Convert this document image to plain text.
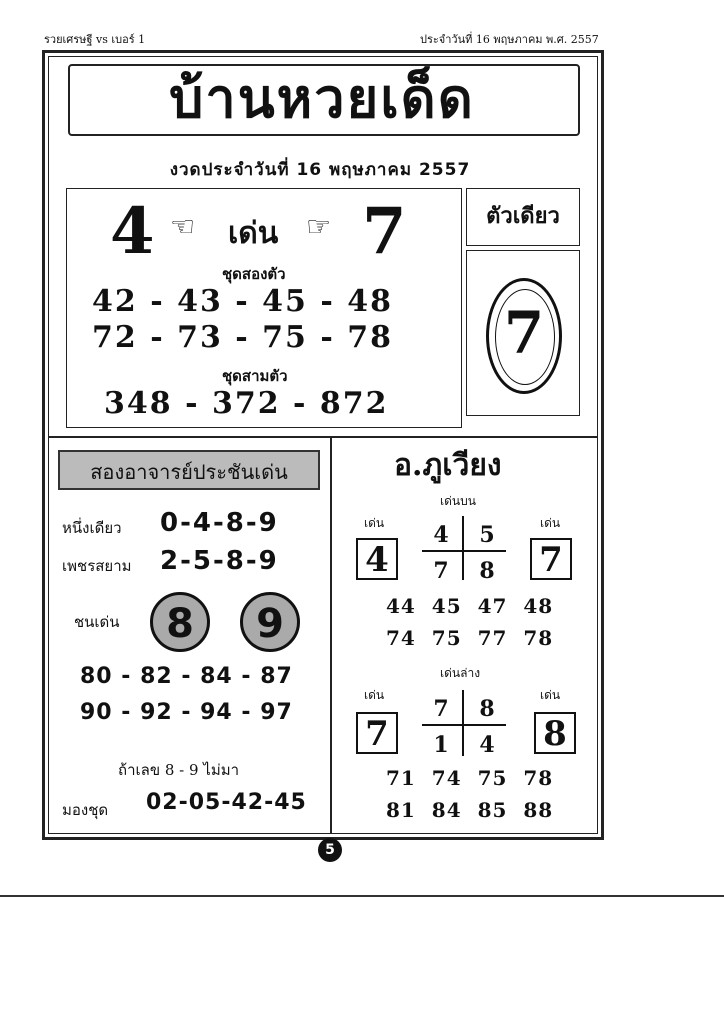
รวยเศรษฐี vs เบอร์ 1	ประจำวันที่ 16 พฤษภาคม พ.ศ. 2557
บ้านหวยเด็ด
งวดประจำวันที่ 16 พฤษภาคม 2557
4 ☜ เด่น ☞ 7
ชุดสองตัว
42 - 43 - 45 - 48
72 - 73 - 75 - 78
ชุดสามตัว
348 - 372 - 872
ตัวเดียว
7
สองอาจารย์ประชันเด่น
หนึ่งเดียว 0-4-8-9
เพชรสยาม 2-5-8-9
ชนเด่น	8	9
80 - 82 - 84 - 87
90 - 92 - 94 - 97
ถ้าเลข 8 - 9 ไม่มา
มองชุด 02-05-42-45
อ.ภูเวียง
เด่นบน
เด่น	เด่น
4	7
4	5
7	8
44 45 47 48
74 75 77 78
เด่นล่าง
เด่น	เด่น
7	8
7	8
1	4
71 74 75 78
81 84 85 88
5
